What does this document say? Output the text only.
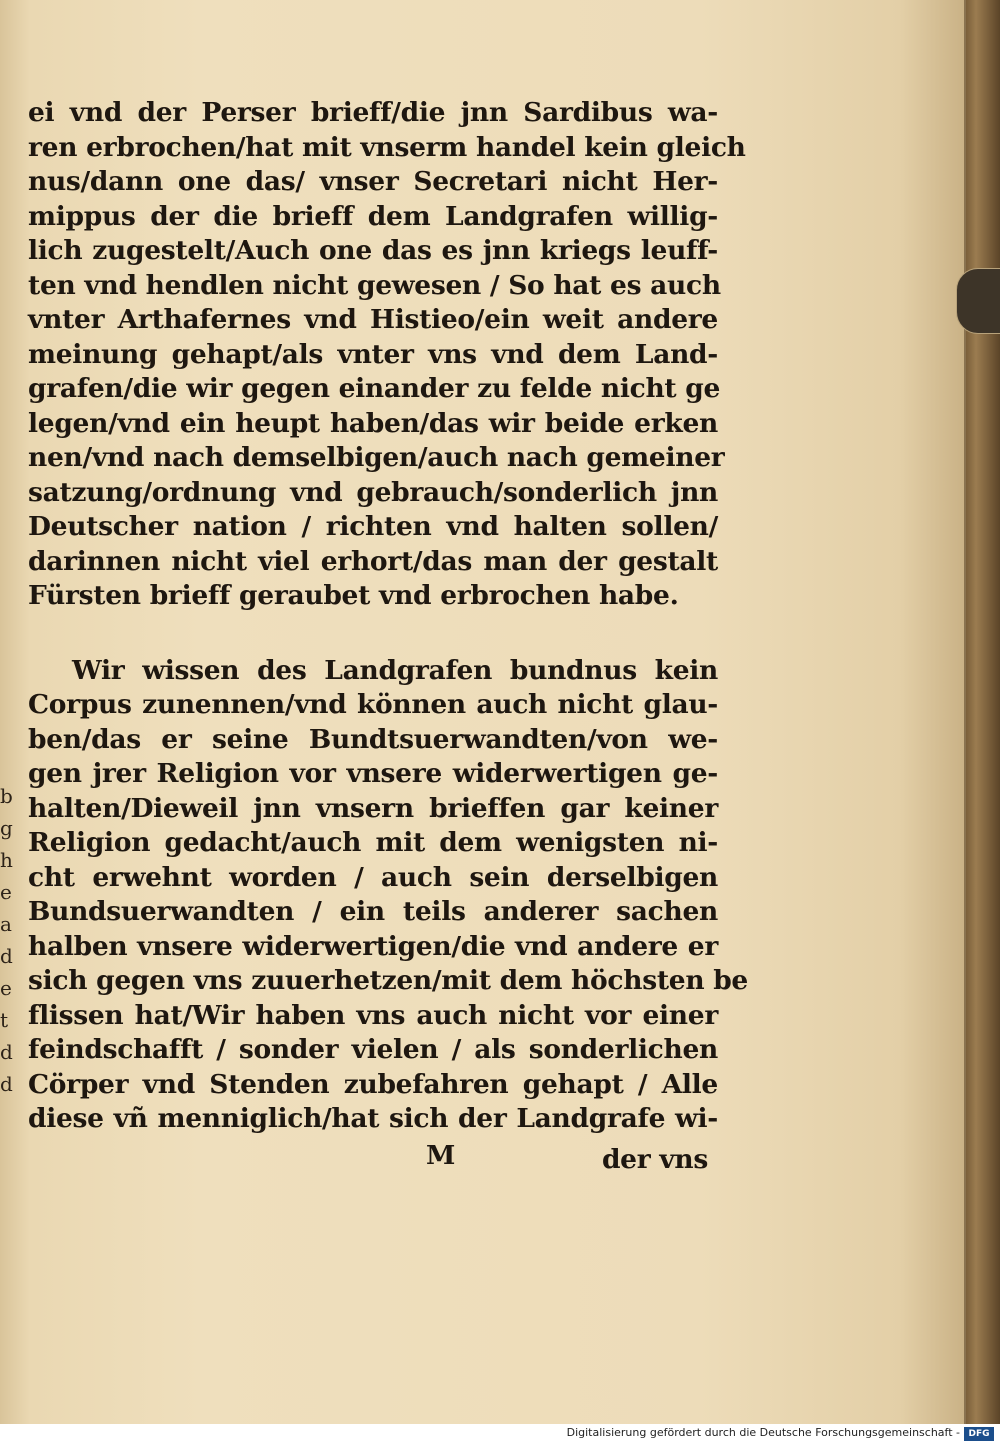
b
g
h
e
a
d
e
t
d
d
ei vnd der Perser brieff/die jnn Sardibus wa-
ren erbrochen/hat mit vnserm handel kein gleich
nus/dann one das/ vnser Secretari nicht Her-
mippus der die brieff dem Landgrafen willig-
lich zugestelt/Auch one das es jnn kriegs leuff-
ten vnd hendlen nicht gewesen / So hat es auch
vnter Arthafernes vnd Histieo/ein weit andere
meinung gehapt/als vnter vns vnd dem Land-
grafen/die wir gegen einander zu felde nicht ge
legen/vnd ein heupt haben/das wir beide erken
nen/vnd nach demselbigen/auch nach gemeiner
satzung/ordnung vnd gebrauch/sonderlich jnn
Deutscher nation / richten vnd halten sollen/
darinnen nicht viel erhort/das man der gestalt
Fürsten brieff geraubet vnd erbrochen habe.
Wir wissen des Landgrafen bundnus kein
Corpus zunennen/vnd können auch nicht glau-
ben/das er seine Bundtsuerwandten/von we-
gen jrer Religion vor vnsere widerwertigen ge-
halten/Dieweil jnn vnsern brieffen gar keiner
Religion gedacht/auch mit dem wenigsten ni-
cht erwehnt worden / auch sein derselbigen
Bundsuerwandten / ein teils anderer sachen
halben vnsere widerwertigen/die vnd andere er
sich gegen vns zuuerhetzen/mit dem höchsten be
flissen hat/Wir haben vns auch nicht vor einer
feindschafft / sonder vielen / als sonderlichen
Cörper vnd Stenden zubefahren gehapt / Alle
diese vñ menniglich/hat sich der Landgrafe wi-
M	der vns
Digitalisierung gefördert durch die Deutsche Forschungsgemeinschaft - DFG
